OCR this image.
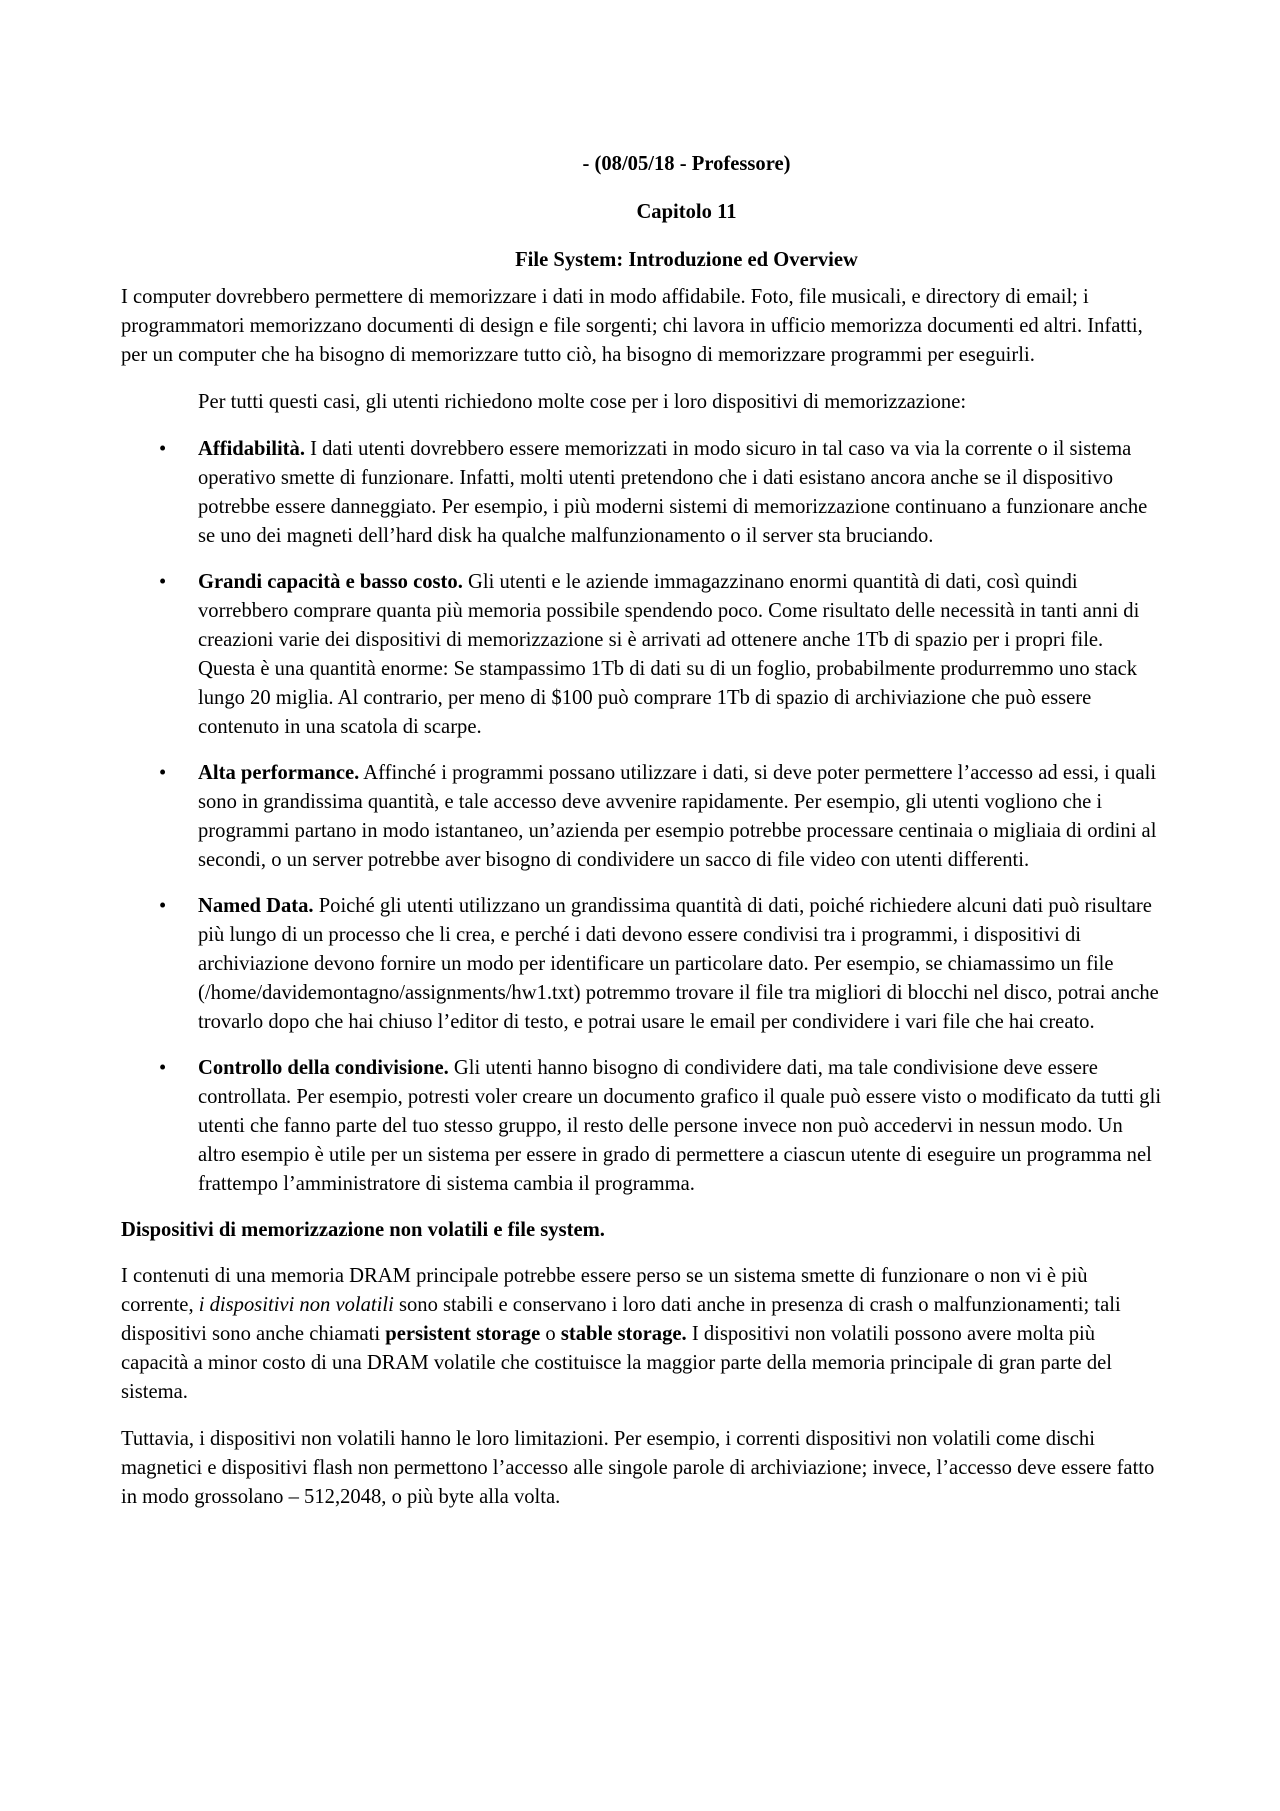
- (08/05/18 - Professore)

Capitolo 11

File System: Introduzione ed Overview

I computer dovrebbero permettere di memorizzare i dati in modo affidabile. Foto, file musicali, e directory di email; i programmatori memorizzano documenti di design e file sorgenti; chi lavora in ufficio memorizza documenti ed altri. Infatti, per un computer che ha bisogno di memorizzare tutto ciò, ha bisogno di memorizzare programmi per eseguirli.

Per tutti questi casi, gli utenti richiedono molte cose per i loro dispositivi di memorizzazione:

• Affidabilità. I dati utenti dovrebbero essere memorizzati in modo sicuro in tal caso va via la corrente o il sistema operativo smette di funzionare. Infatti, molti utenti pretendono che i dati esistano ancora anche se il dispositivo potrebbe essere danneggiato. Per esempio, i più moderni sistemi di memorizzazione continuano a funzionare anche se uno dei magneti dell’hard disk ha qualche malfunzionamento o il server sta bruciando.
• Grandi capacità e basso costo. Gli utenti e le aziende immagazzinano enormi quantità di dati, così quindi vorrebbero comprare quanta più memoria possibile spendendo poco. Come risultato delle necessità in tanti anni di creazioni varie dei dispositivi di memorizzazione si è arrivati ad ottenere anche 1Tb di spazio per i propri file. Questa è una quantità enorme: Se stampassimo 1Tb di dati su di un foglio, probabilmente produrremmo uno stack lungo 20 miglia. Al contrario, per meno di $100 può comprare 1Tb di spazio di archiviazione che può essere contenuto in una scatola di scarpe.
• Alta performance. Affinché i programmi possano utilizzare i dati, si deve poter permettere l’accesso ad essi, i quali sono in grandissima quantità, e tale accesso deve avvenire rapidamente. Per esempio, gli utenti vogliono che i programmi partano in modo istantaneo, un’azienda per esempio potrebbe processare centinaia o migliaia di ordini al secondi, o un server potrebbe aver bisogno di condividere un sacco di file video con utenti differenti.
• Named Data. Poiché gli utenti utilizzano un grandissima quantità di dati, poiché richiedere alcuni dati può risultare più lungo di un processo che li crea, e perché i dati devono essere condivisi tra i programmi, i dispositivi di archiviazione devono fornire un modo per identificare un particolare dato. Per esempio, se chiamassimo un file (/home/davidemontagno/assignments/hw1.txt) potremmo trovare il file tra migliori di blocchi nel disco, potrai anche trovarlo dopo che hai chiuso l’editor di testo, e potrai usare le email per condividere i vari file che hai creato.
• Controllo della condivisione. Gli utenti hanno bisogno di condividere dati, ma tale condivisione deve essere controllata. Per esempio, potresti voler creare un documento grafico il quale può essere visto o modificato da tutti gli utenti che fanno parte del tuo stesso gruppo, il resto delle persone invece non può accedervi in nessun modo. Un altro esempio è utile per un sistema per essere in grado di permettere a ciascun utente di eseguire un programma nel frattempo l’amministratore di sistema cambia il programma.

Dispositivi di memorizzazione non volatili e file system.

I contenuti di una memoria DRAM principale potrebbe essere perso se un sistema smette di funzionare o non vi è più corrente, i dispositivi non volatili sono stabili e conservano i loro dati anche in presenza di crash o malfunzionamenti; tali dispositivi sono anche chiamati persistent storage o stable storage. I dispositivi non volatili possono avere molta più capacità a minor costo di una DRAM volatile che costituisce la maggior parte della memoria principale di gran parte del sistema.

Tuttavia, i dispositivi non volatili hanno le loro limitazioni. Per esempio, i correnti dispositivi non volatili come dischi magnetici e dispositivi flash non permettono l’accesso alle singole parole di archiviazione; invece, l’accesso deve essere fatto in modo grossolano – 512,2048, o più byte alla volta.
